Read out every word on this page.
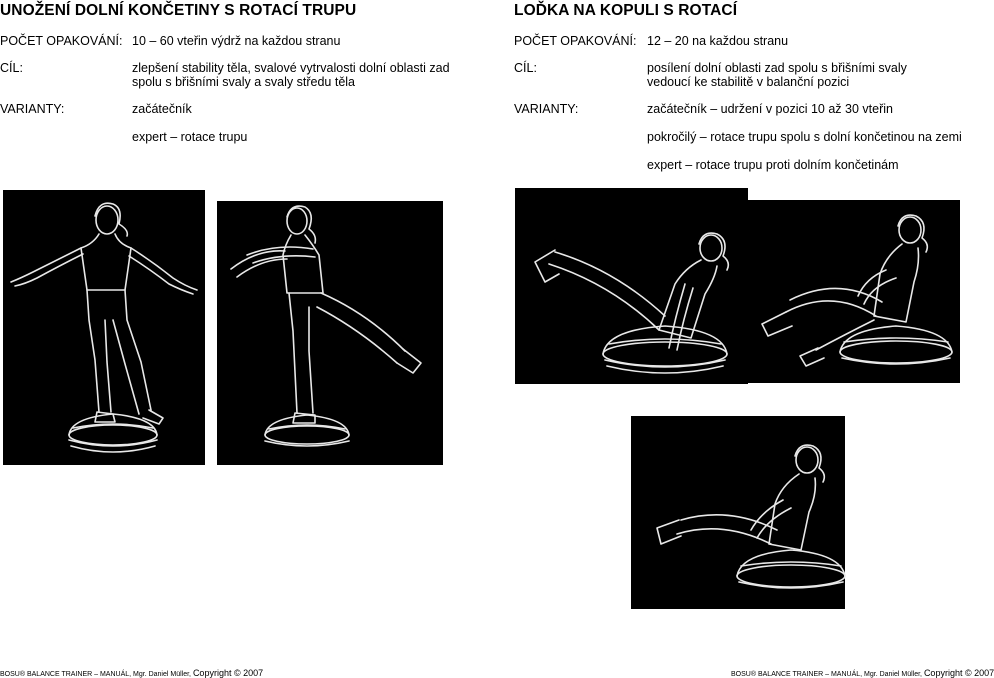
UNOŽENÍ DOLNÍ KONČETINY S ROTACÍ TRUPU
POČET OPAKOVÁNÍ: 10 – 60 vteřin výdrž na každou stranu
CÍL:	zlepšení stability těla, svalové vytrvalosti dolní oblasti zad spolu s břišními svaly a svaly středu těla
VARIANTY:	začátečník
expert – rotace trupu
LOĎKA NA KOPULI S ROTACÍ
POČET OPAKOVÁNÍ: 12 – 20 na každou stranu
CÍL:	posílení dolní oblasti zad spolu s břišními svaly vedoucí ke stabilitě v balanční pozici
VARIANTY:	začátečník – udržení v pozici 10 až 30 vteřin
pokročilý – rotace trupu spolu s dolní končetinou na zemi
expert – rotace trupu proti dolním končetinám
BOSU® BALANCE TRAINER – MANUÁL, Mgr. Daniel Müller, Copyright © 2007	BOSU® BALANCE TRAINER – MANUÁL, Mgr. Daniel Müller, Copyright © 2007
